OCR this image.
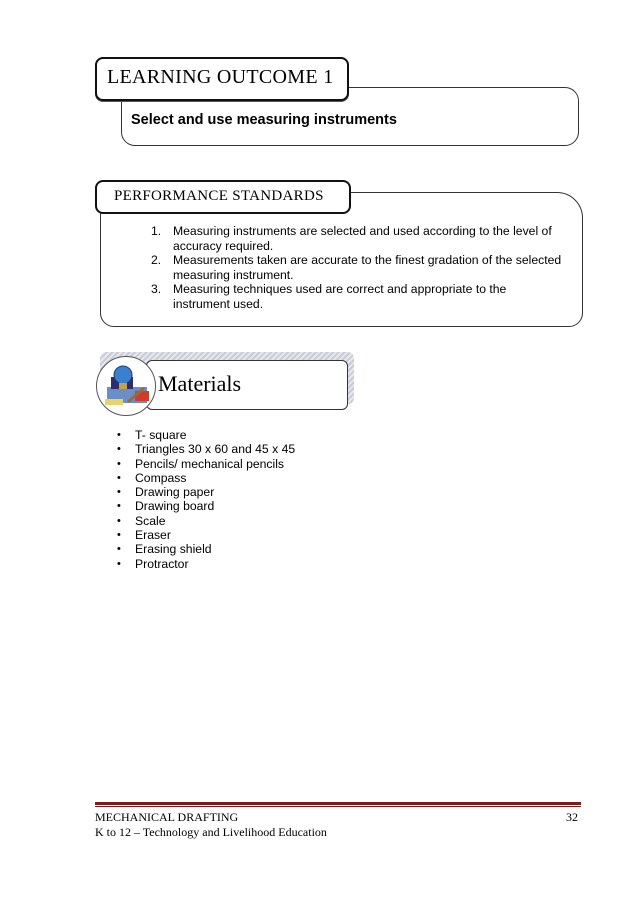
LEARNING OUTCOME 1
Select and use measuring instruments
PERFORMANCE STANDARDS
1. Measuring instruments are selected and used according to the level of accuracy required.
2. Measurements taken are accurate to the finest gradation of the selected measuring instrument.
3. Measuring techniques used are correct and appropriate to the instrument used.
Materials
• T- square
• Triangles 30 x 60 and 45 x 45
• Pencils/ mechanical pencils
• Compass
• Drawing paper
• Drawing board
• Scale
• Eraser
• Erasing shield
• Protractor
MECHANICAL DRAFTING	32
K to 12 – Technology and Livelihood Education
